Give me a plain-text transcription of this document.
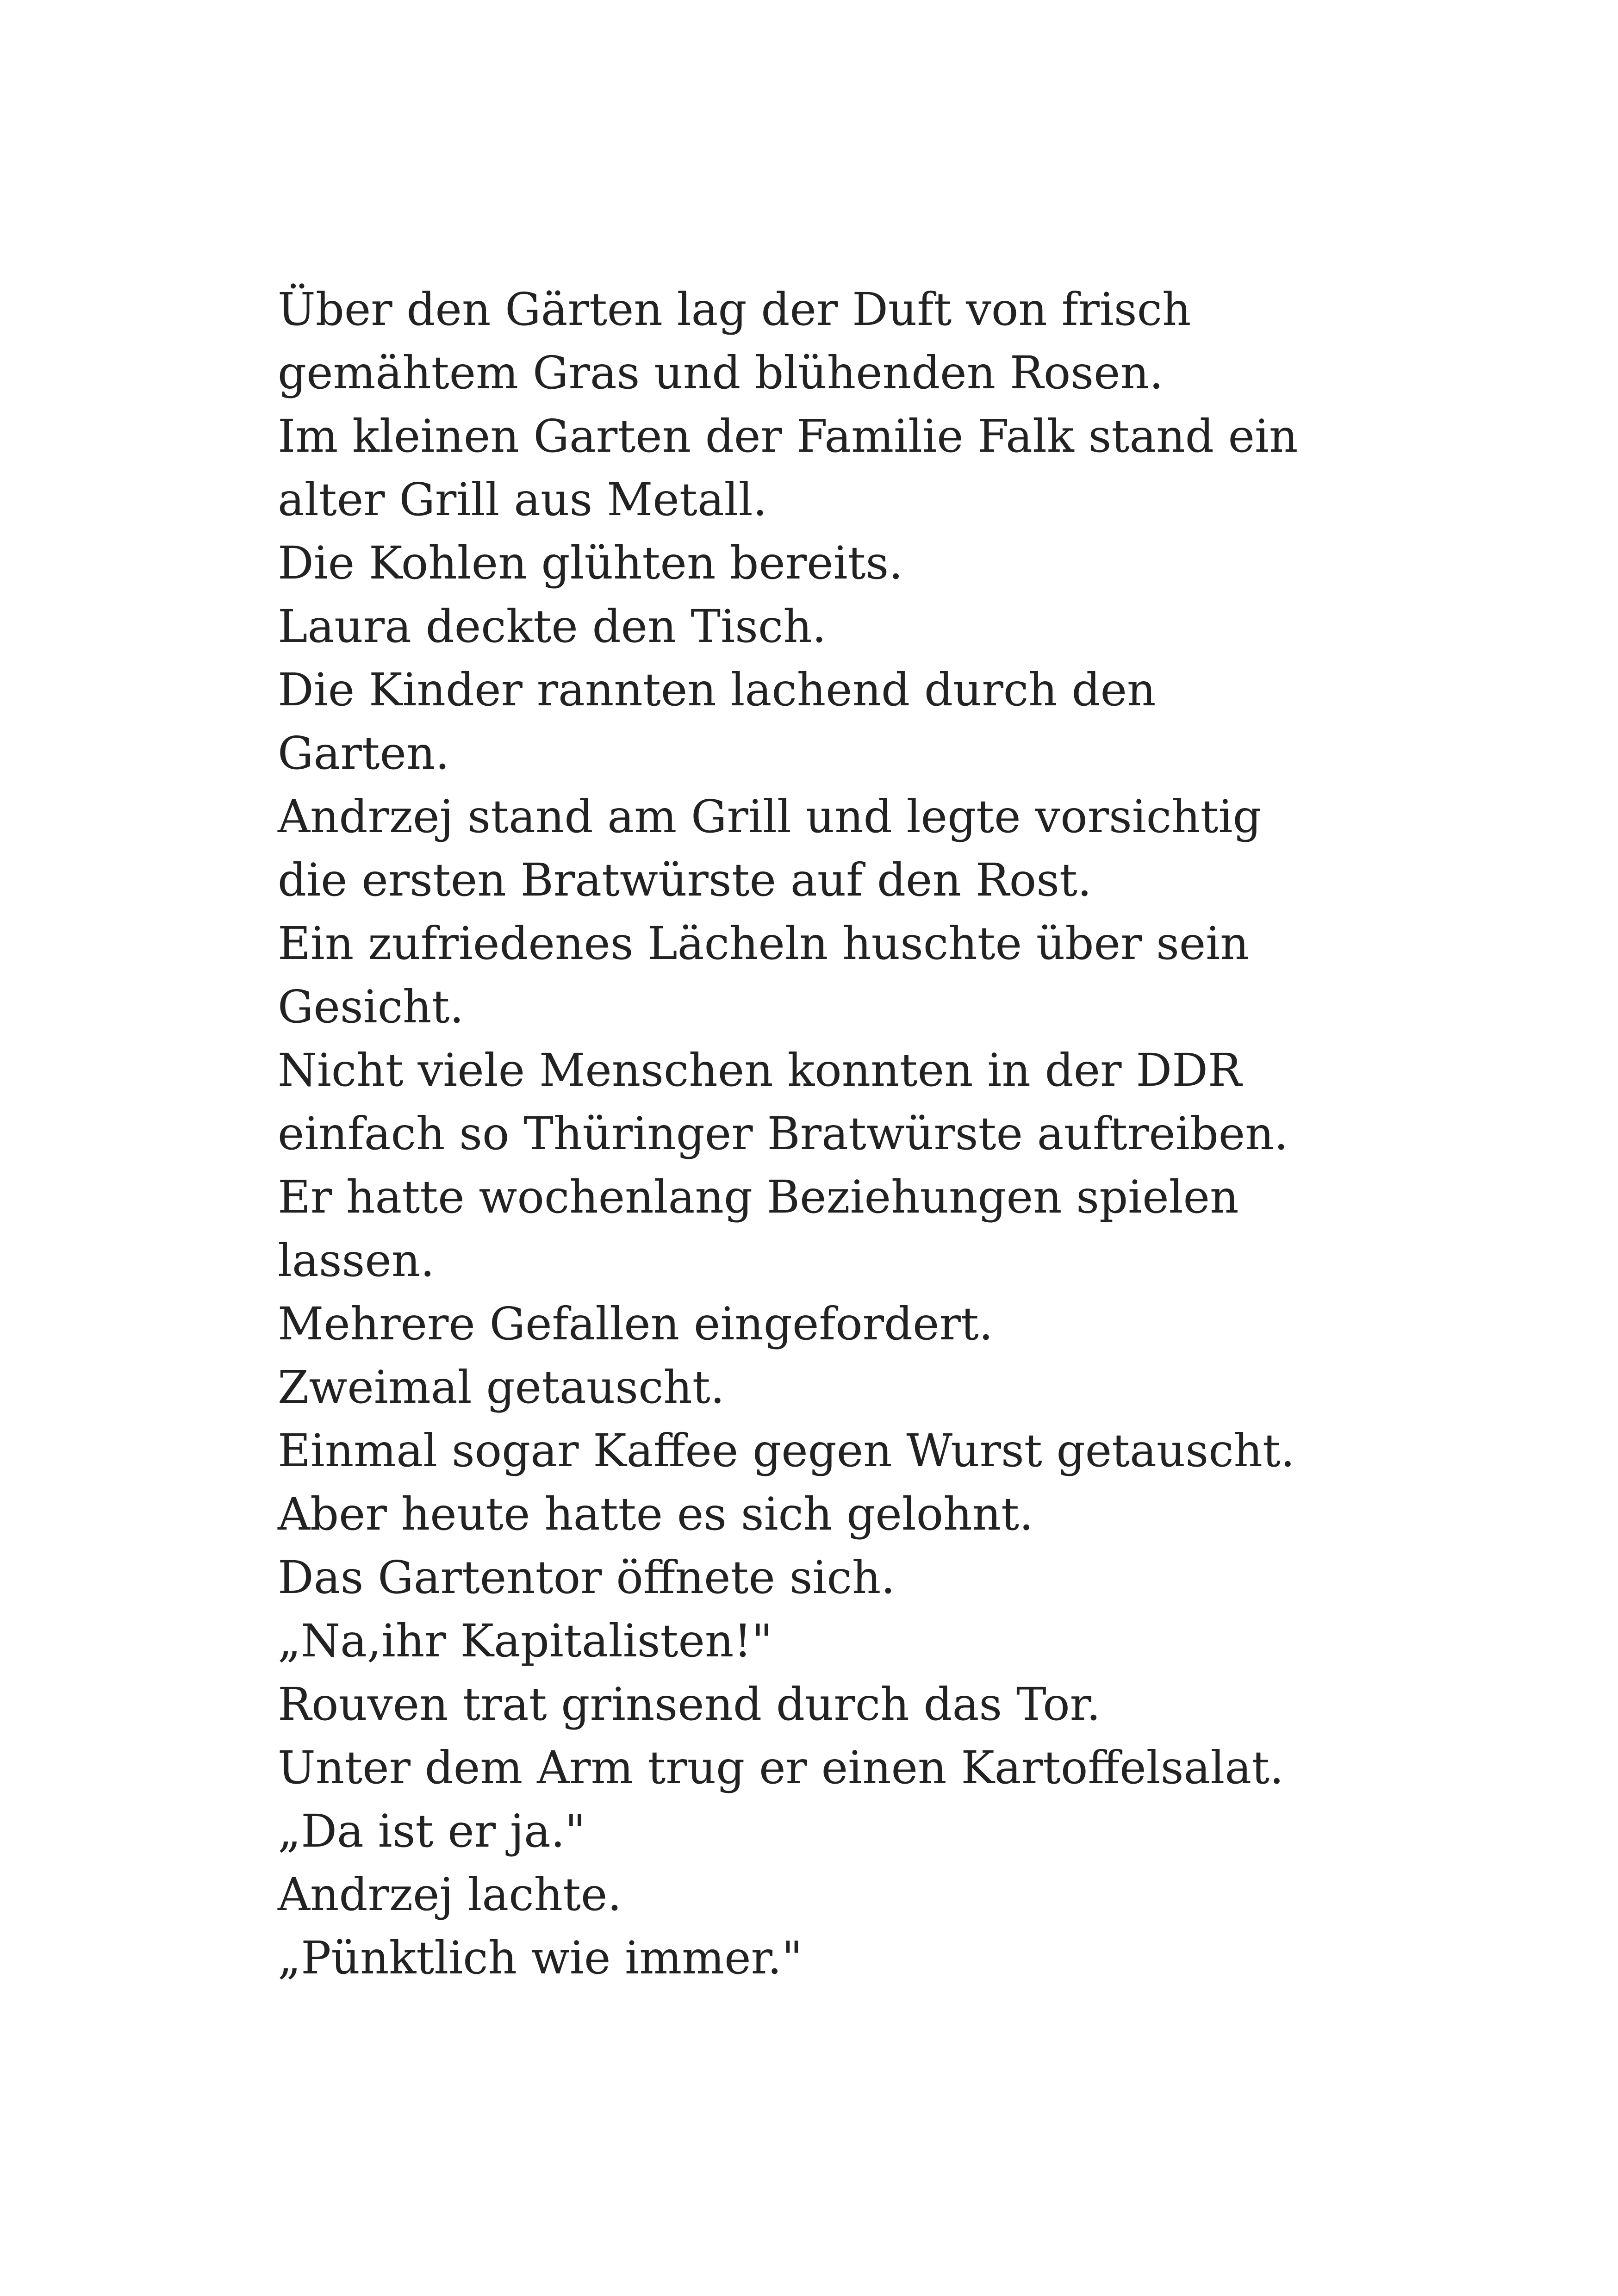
Über den Gärten lag der Duft von frisch

gemähtem Gras und blühenden Rosen.

Im kleinen Garten der Familie Falk stand ein

alter Grill aus Metall.

Die Kohlen glühten bereits.

Laura deckte den Tisch.

Die Kinder rannten lachend durch den

Garten.

Andrzej stand am Grill und legte vorsichtig

die ersten Bratwürste auf den Rost.

Ein zufriedenes Lächeln huschte über sein

Gesicht.

Nicht viele Menschen konnten in der DDR

einfach so Thüringer Bratwürste auftreiben.

Er hatte wochenlang Beziehungen spielen

lassen.

Mehrere Gefallen eingefordert.

Zweimal getauscht.

Einmal sogar Kaffee gegen Wurst getauscht.

Aber heute hatte es sich gelohnt.

Das Gartentor öffnete sich.

„Na,ihr Kapitalisten!"

Rouven trat grinsend durch das Tor.

Unter dem Arm trug er einen Kartoffelsalat.

„Da ist er ja."

Andrzej lachte.

„Pünktlich wie immer."
